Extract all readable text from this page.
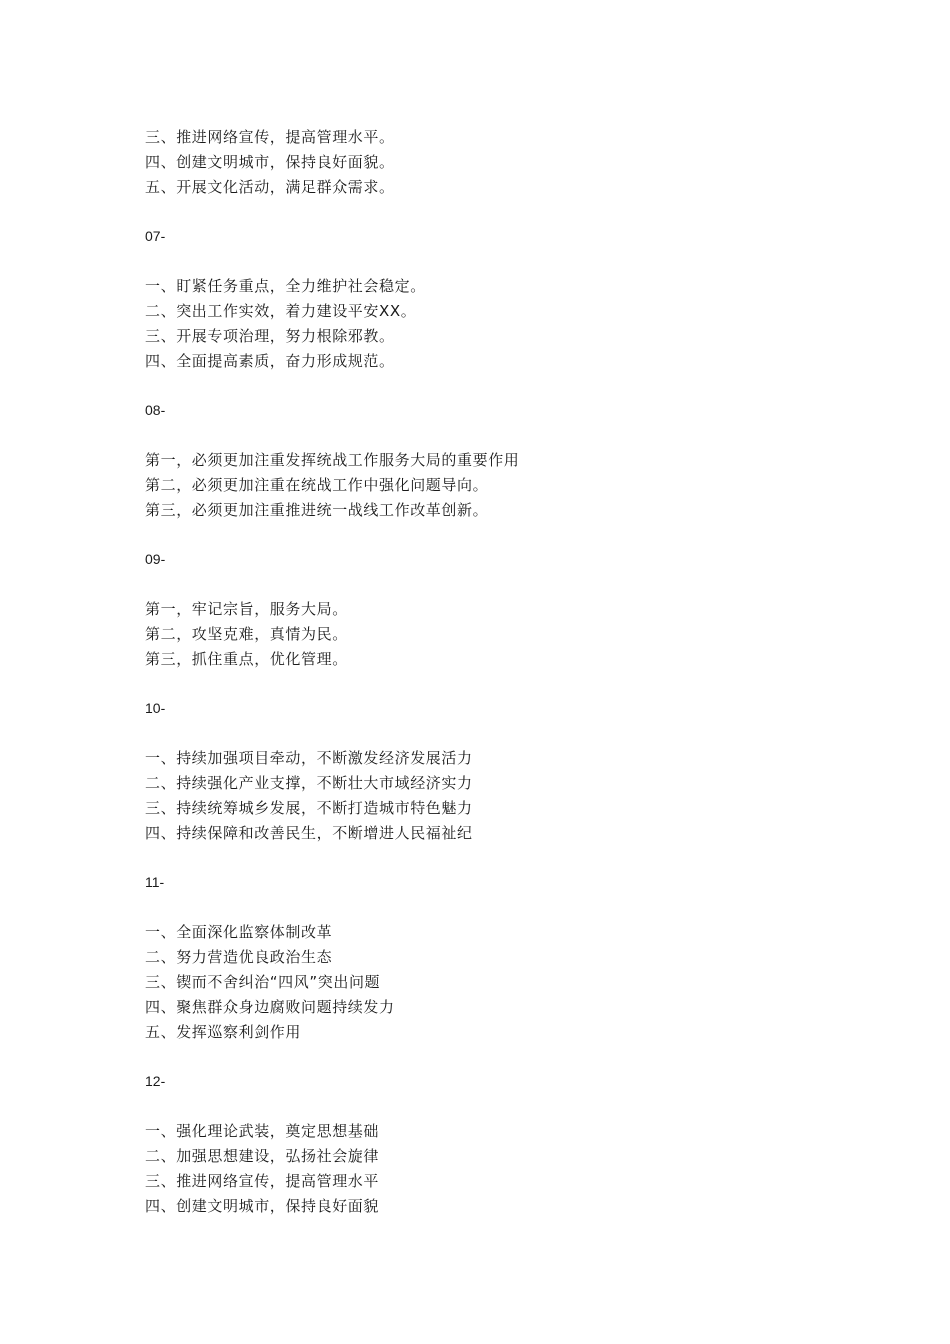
三、推进网络宣传，提高管理水平。
四、创建文明城市，保持良好面貌。
五、开展文化活动，满足群众需求。
07-
一、盯紧任务重点，全力维护社会稳定。
二、突出工作实效，着力建设平安XX。
三、开展专项治理，努力根除邪教。
四、全面提高素质，奋力形成规范。
08-
第一，必须更加注重发挥统战工作服务大局的重要作用
第二，必须更加注重在统战工作中强化问题导向。
第三，必须更加注重推进统一战线工作改革创新。
09-
第一，牢记宗旨，服务大局。
第二，攻坚克难，真情为民。
第三，抓住重点，优化管理。
10-
一、持续加强项目牵动，不断激发经济发展活力
二、持续强化产业支撑，不断壮大市域经济实力
三、持续统筹城乡发展，不断打造城市特色魅力
四、持续保障和改善民生，不断增进人民福祉纪
11-
一、全面深化监察体制改革
二、努力营造优良政治生态
三、锲而不舍纠治“四风”突出问题
四、聚焦群众身边腐败问题持续发力
五、发挥巡察利剑作用
12-
一、强化理论武装，奠定思想基础
二、加强思想建设，弘扬社会旋律
三、推进网络宣传，提高管理水平
四、创建文明城市，保持良好面貌
